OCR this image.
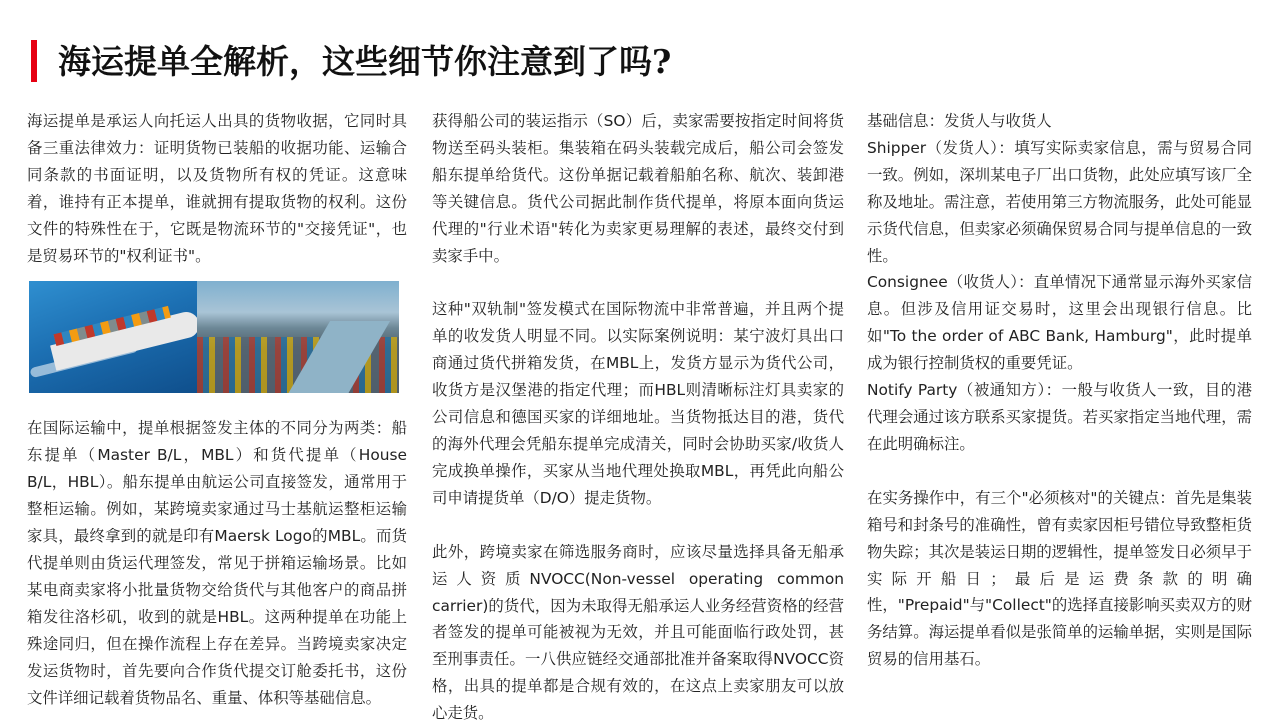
海运提单全解析，这些细节你注意到了吗?

海运提单是承运人向托运人出具的货物收据，它同时具备三重法律效力：证明货物已装船的收据功能、运输合同条款的书面证明，以及货物所有权的凭证。这意味着，谁持有正本提单，谁就拥有提取货物的权利。这份文件的特殊性在于，它既是物流环节的"交接凭证"，也是贸易环节的"权利证书"。

在国际运输中，提单根据签发主体的不同分为两类：船东提单（Master B/L，MBL）和货代提单（House B/L，HBL）。船东提单由航运公司直接签发，通常用于整柜运输。例如，某跨境卖家通过马士基航运整柜运输家具，最终拿到的就是印有Maersk Logo的MBL。而货代提单则由货运代理签发，常见于拼箱运输场景。比如某电商卖家将小批量货物交给货代与其他客户的商品拼箱发往洛杉矶，收到的就是HBL。这两种提单在功能上殊途同归，但在操作流程上存在差异。当跨境卖家决定发运货物时，首先要向合作货代提交订舱委托书，这份文件详细记载着货物品名、重量、体积等基础信息。

获得船公司的装运指示（SO）后，卖家需要按指定时间将货物送至码头装柜。集装箱在码头装载完成后，船公司会签发船东提单给货代。这份单据记载着船舶名称、航次、装卸港等关键信息。货代公司据此制作货代提单，将原本面向货运代理的"行业术语"转化为卖家更易理解的表述，最终交付到卖家手中。

这种"双轨制"签发模式在国际物流中非常普遍，并且两个提单的收发货人明显不同。以实际案例说明：某宁波灯具出口商通过货代拼箱发货，在MBL上，发货方显示为货代公司，收货方是汉堡港的指定代理；而HBL则清晰标注灯具卖家的公司信息和德国买家的详细地址。当货物抵达目的港，货代的海外代理会凭船东提单完成清关，同时会协助买家/收货人完成换单操作，买家从当地代理处换取MBL，再凭此向船公司申请提货单（D/O）提走货物。

此外，跨境卖家在筛选服务商时，应该尽量选择具备无船承运人资质NVOCC(Non-vessel operating common carrier)的货代，因为未取得无船承运人业务经营资格的经营者签发的提单可能被视为无效，并且可能面临行政处罚，甚至刑事责任。一八供应链经交通部批准并备案取得NVOCC资格，出具的提单都是合规有效的，在这点上卖家朋友可以放心走货。

基础信息：发货人与收货人

Shipper（发货人）：填写实际卖家信息，需与贸易合同一致。例如，深圳某电子厂出口货物，此处应填写该厂全称及地址。需注意，若使用第三方物流服务，此处可能显示货代信息，但卖家必须确保贸易合同与提单信息的一致性。

Consignee（收货人）：直单情况下通常显示海外买家信息。但涉及信用证交易时，这里会出现银行信息。比如"To the order of ABC Bank, Hamburg"，此时提单成为银行控制货权的重要凭证。

Notify Party（被通知方）：一般与收货人一致，目的港代理会通过该方联系买家提货。若买家指定当地代理，需在此明确标注。

在实务操作中，有三个"必须核对"的关键点：首先是集装箱号和封条号的准确性，曾有卖家因柜号错位导致整柜货物失踪；其次是装运日期的逻辑性，提单签发日必须早于实际开船日；最后是运费条款的明确性，"Prepaid"与"Collect"的选择直接影响买卖双方的财务结算。海运提单看似是张简单的运输单据，实则是国际贸易的信用基石。
